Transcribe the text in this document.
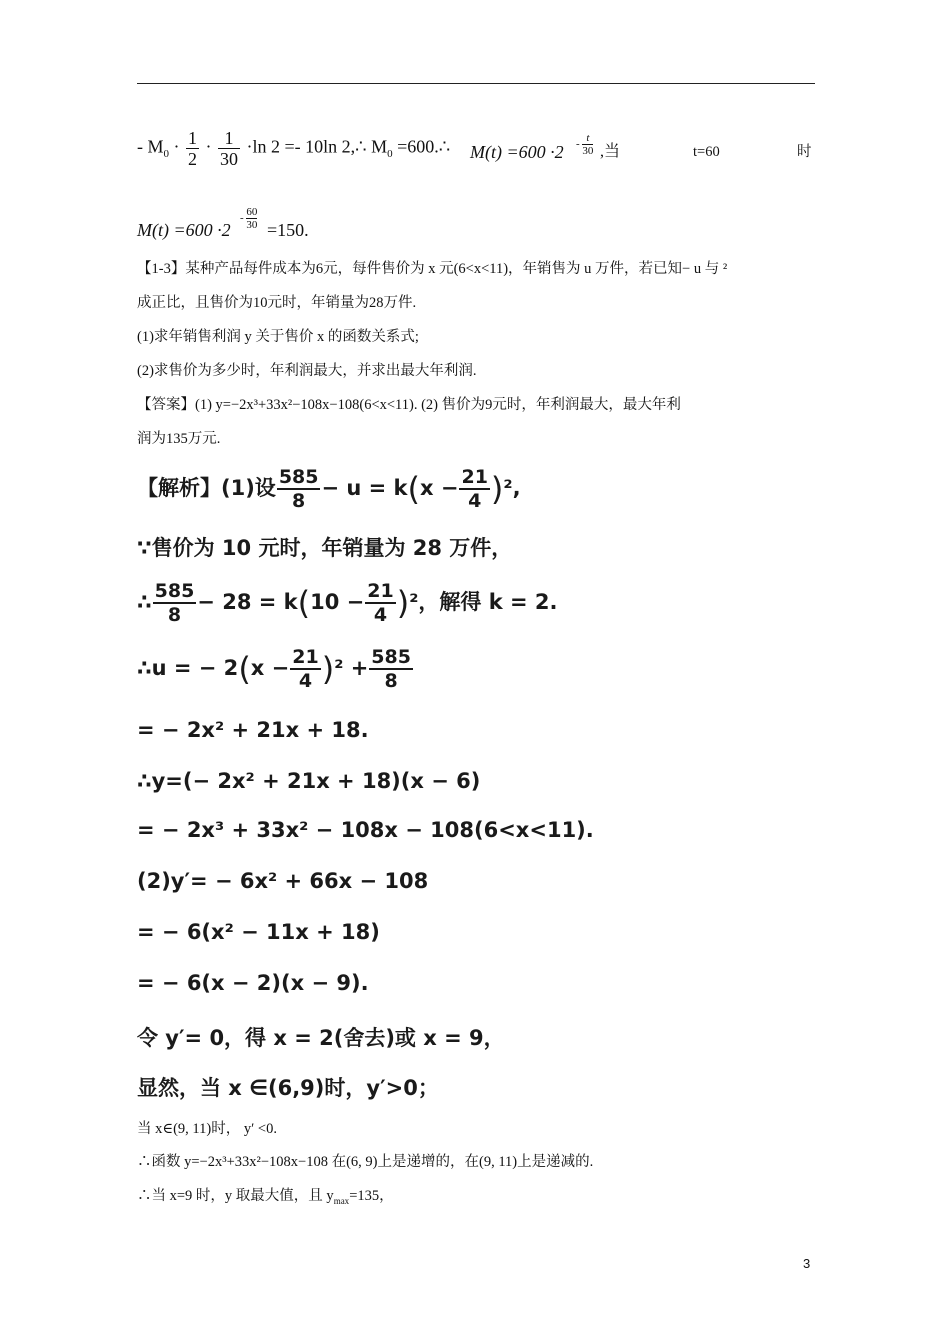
- $M_0 \cdot \frac{1}{2} \cdot \frac{1}{30} \cdot\ln$ 2 =- 10ln 2,∴ $M_0$ =600.∴ $M(t) =600 \cdot 2 - \frac{t}{30}$ ,当	t=60	时
M(t) =600 ·2
- $\frac{60}{30} =150$.
【1-3】某种产品每件成本为6元，每件售价为 x 元(6<x<11)，年销售为 u 万件，若已知− u 与 ²
成正比，且售价为10元时，年销量为28万件.
(1)求年销售利润 y 关于售价 x 的函数关系式;
(2)求售价为多少时，年利润最大，并求出最大年利润.
【答案】(1) y=−2x³+33x²−108x−108(6<x<11). (2) 售价为9元时，年利润最大，最大年利
润为135万元.
【解析】(1)设 $\frac{585}{8} - u = k(x - \frac{21}{4} )^2$,
∵售价为 10 元时，年销量为 28 万件，
∴ $\frac{585}{8} - 28 = k(10 - \frac{21}{4} )^2$，解得 k = 2.
∴u = − $2(x - \frac{21}{4} )^2 + \frac{585}{8}$
= − 2x² + 21x + 18.
∴y=(− 2x² + 21x + 18)(x − 6)
= − 2x³ + 33x² − 108x − 108(6<x<11).
(2)y′= − 6x² + 66x − 108
= − 6(x² − 11x + 18)
= − 6(x − 2)(x − 9).
令 y′= 0，得 x = 2(舍去)或 x = 9，
显然，当 x ∈(6,9)时，y′>0；
当 x∈(9, 11)时， y′ <0.
∴函数 y=−2x³+33x²−108x−108 在(6, 9)上是递增的，在(9, 11)上是递减的.
∴当 x=9 时，y 取最大值，且 $y_{max}=135$，
3
